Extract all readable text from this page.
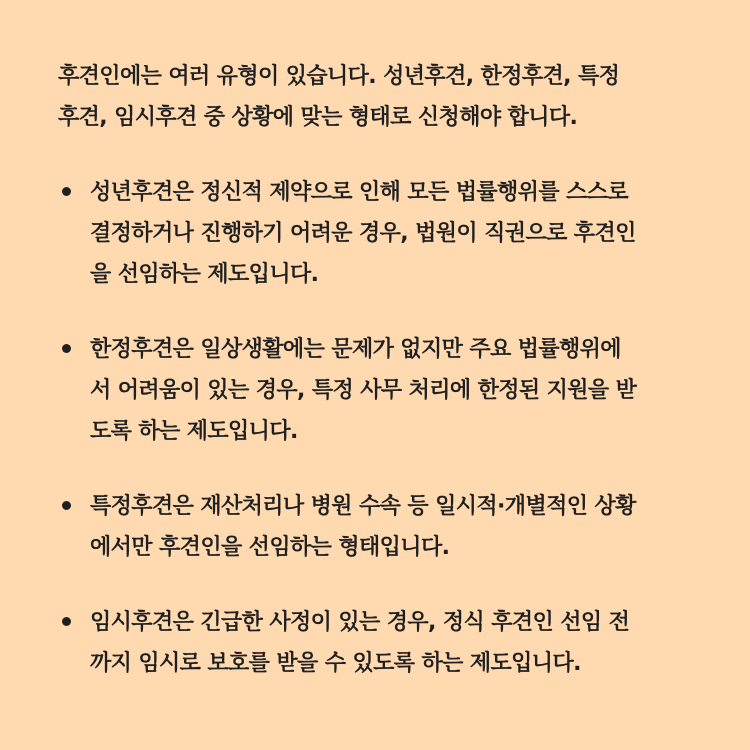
후견인에는 여러 유형이 있습니다. 성년후견, 한정후견, 특정
후견, 임시후견 중 상황에 맞는 형태로 신청해야 합니다.

성년후견은 정신적 제약으로 인해 모든 법률행위를 스스로
결정하거나 진행하기 어려운 경우, 법원이 직권으로 후견인
을 선임하는 제도입니다.
한정후견은 일상생활에는 문제가 없지만 주요 법률행위에
서 어려움이 있는 경우, 특정 사무 처리에 한정된 지원을 받
도록 하는 제도입니다.
특정후견은 재산처리나 병원 수속 등 일시적·개별적인 상황
에서만 후견인을 선임하는 형태입니다.
임시후견은 긴급한 사정이 있는 경우, 정식 후견인 선임 전
까지 임시로 보호를 받을 수 있도록 하는 제도입니다.
